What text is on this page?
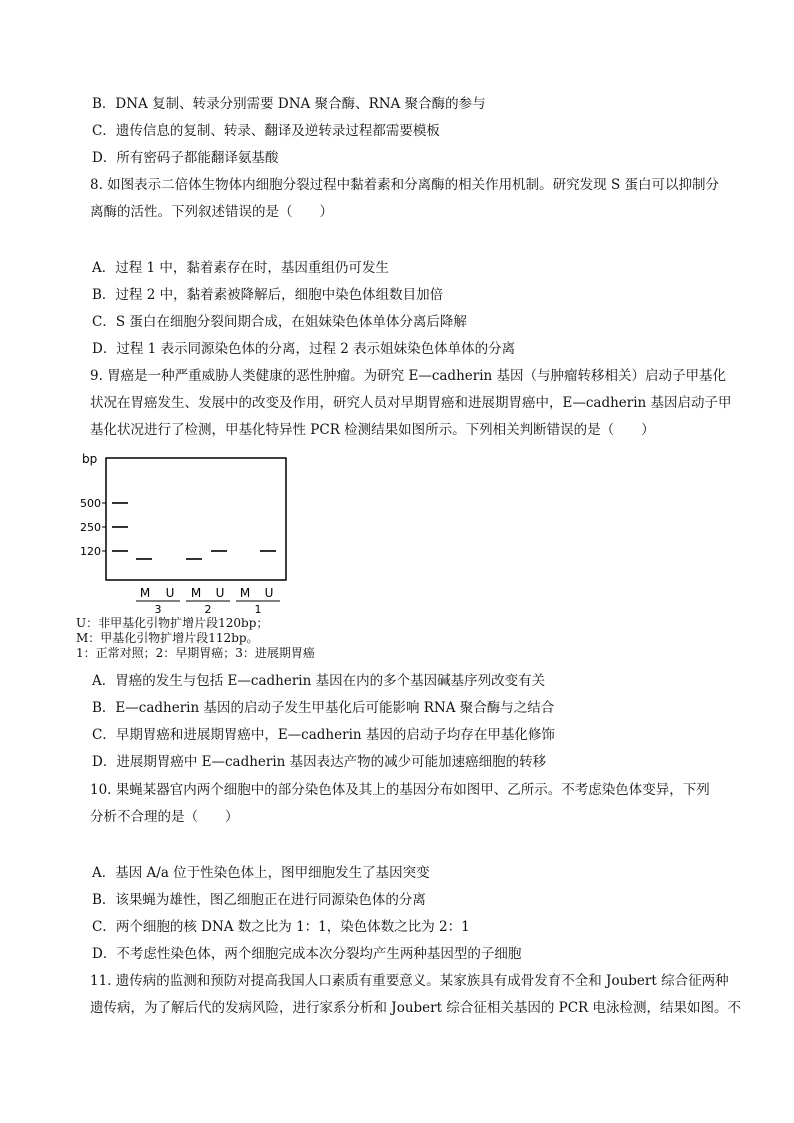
B．DNA 复制、转录分别需要 DNA 聚合酶、RNA 聚合酶的参与
C．遗传信息的复制、转录、翻译及逆转录过程都需要模板
D．所有密码子都能翻译氨基酸
8. 如图表示二倍体生物体内细胞分裂过程中黏着素和分离酶的相关作用机制。研究发现 S 蛋白可以抑制分
离酶的活性。下列叙述错误的是（　　）
A．过程 1 中，黏着素存在时，基因重组仍可发生
B．过程 2 中，黏着素被降解后，细胞中染色体组数目加倍
C．S 蛋白在细胞分裂间期合成，在姐妹染色体单体分离后降解
D．过程 1 表示同源染色体的分离，过程 2 表示姐妹染色体单体的分离
9. 胃癌是一种严重威胁人类健康的恶性肿瘤。为研究 E—cadherin 基因（与肿瘤转移相关）启动子甲基化
状况在胃癌发生、发展中的改变及作用，研究人员对早期胃癌和进展期胃癌中，E—cadherin 基因启动子甲
基化状况进行了检测，甲基化特异性 PCR 检测结果如图所示。下列相关判断错误的是（　　）
bp
500
250
120
M U M U M U
3	2	1
U：非甲基化引物扩增片段120bp；
M：甲基化引物扩增片段112bp。
1：正常对照；2：早期胃癌；3：进展期胃癌
A．胃癌的发生与包括 E—cadherin 基因在内的多个基因碱基序列改变有关
B．E—cadherin 基因的启动子发生甲基化后可能影响 RNA 聚合酶与之结合
C．早期胃癌和进展期胃癌中，E—cadherin 基因的启动子均存在甲基化修饰
D．进展期胃癌中 E—cadherin 基因表达产物的减少可能加速癌细胞的转移
10. 果蝇某器官内两个细胞中的部分染色体及其上的基因分布如图甲、乙所示。不考虑染色体变异，下列
分析不合理的是（　　）
A．基因 A/a 位于性染色体上，图甲细胞发生了基因突变
B．该果蝇为雄性，图乙细胞正在进行同源染色体的分离
C．两个细胞的核 DNA 数之比为 1：1，染色体数之比为 2：1
D．不考虑性染色体，两个细胞完成本次分裂均产生两种基因型的子细胞
11. 遗传病的监测和预防对提高我国人口素质有重要意义。某家族具有成骨发育不全和 Joubert 综合征两种
遗传病，为了解后代的发病风险，进行家系分析和 Joubert 综合征相关基因的 PCR 电泳检测，结果如图。不
